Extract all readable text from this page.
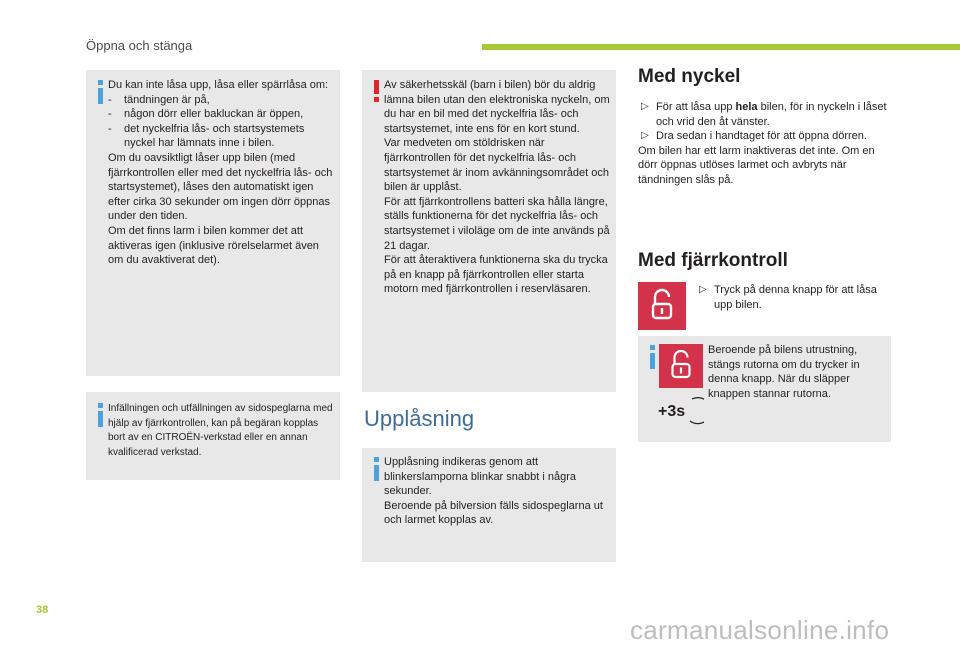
Öppna och stänga

Du kan inte låsa upp, låsa eller spärrlåsa om:

- tändningen är på,
- någon dörr eller bakluckan är öppen,
- det nyckelfria lås- och startsystemets nyckel har lämnats inne i bilen.

Om du oavsiktligt låser upp bilen (med fjärrkontrollen eller med det nyckelfria lås- och startsystemet), låses den automatiskt igen efter cirka 30 sekunder om ingen dörr öppnas under den tiden.

Om det finns larm i bilen kommer det att aktiveras igen (inklusive rörelselarmet även om du avaktiverat det).

Infällningen och utfällningen av sidospeglarna med hjälp av fjärrkontrollen, kan på begäran kopplas bort av en CITROËN-verkstad eller en annan kvalificerad verkstad.

Av säkerhetsskäl (barn i bilen) bör du aldrig lämna bilen utan den elektroniska nyckeln, om du har en bil med det nyckelfria lås- och startsystemet, inte ens för en kort stund.

Var medveten om stöldrisken när fjärrkontrollen för det nyckelfria lås- och startsystemet är inom avkänningsområdet och bilen är upplåst.

För att fjärrkontrollens batteri ska hålla längre, ställs funktionerna för det nyckelfria lås- och startsystemet i viloläge om de inte används på 21 dagar.

För att återaktivera funktionerna ska du trycka på en knapp på fjärrkontrollen eller starta motorn med fjärrkontrollen i reservläsaren.

Upplåsning

Upplåsning indikeras genom att blinkerslamporna blinkar snabbt i några sekunder.

Beroende på bilversion fälls sidospeglarna ut och larmet kopplas av.

Med nyckel
▷ För att låsa upp hela bilen, för in nyckeln i låset och vrid den åt vänster.
▷ Dra sedan i handtaget för att öppna dörren.

Om bilen har ett larm inaktiveras det inte. Om en dörr öppnas utlöses larmet och avbryts när tändningen slås på.

Med fjärrkontroll
▷ Tryck på denna knapp för att låsa upp bilen.
+3s
Beroende på bilens utrustning, stängs rutorna om du trycker in denna knapp. När du släpper knappen stannar rutorna.
38
carmanualsonline.info
